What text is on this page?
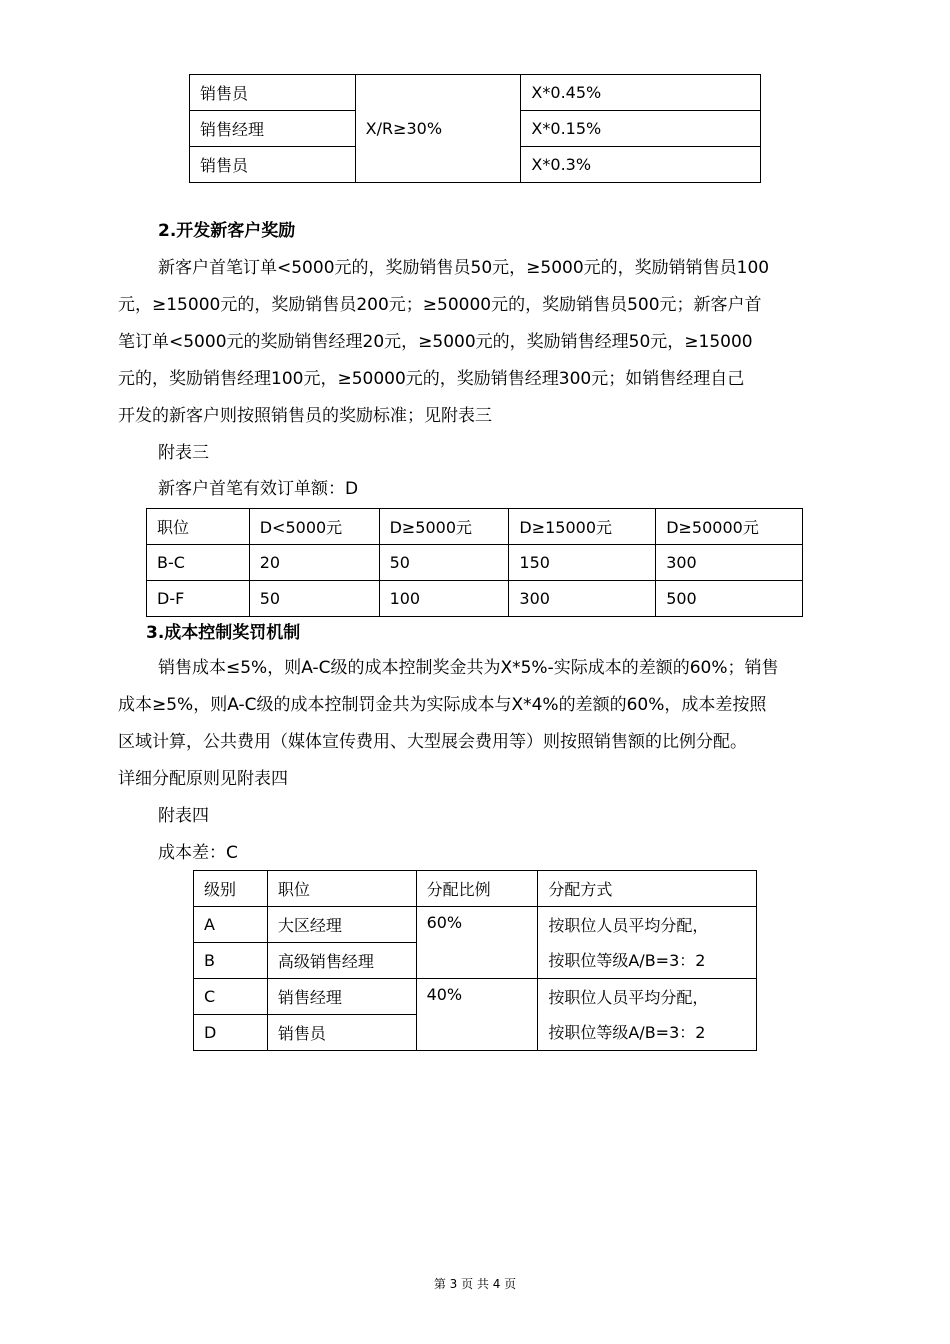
销售员		X*0.45%
销售经理	X/R≥30%	X*0.15%
销售员		X*0.3%
2.开发新客户奖励
新客户首笔订单<5000元的，奖励销售员50元，≥5000元的，奖励销销售员100
元，≥15000元的，奖励销售员200元；≥50000元的，奖励销售员500元；新客户首
笔订单<5000元的奖励销售经理20元，≥5000元的，奖励销售经理50元，≥15000
元的，奖励销售经理100元，≥50000元的，奖励销售经理300元；如销售经理自己
开发的新客户则按照销售员的奖励标准；见附表三
附表三
新客户首笔有效订单额：D
职位	D<5000元	D≥5000元	D≥15000元	D≥50000元
B-C	20	50	150	300
D-F	50	100	300	500
3.成本控制奖罚机制
销售成本≤5%，则A-C级的成本控制奖金共为X*5%-实际成本的差额的60%；销售
成本≥5%，则A-C级的成本控制罚金共为实际成本与X*4%的差额的60%，成本差按照
区域计算，公共费用（媒体宣传费用、大型展会费用等）则按照销售额的比例分配。
详细分配原则见附表四
附表四
成本差：C
级别	职位	分配比例	分配方式
A	大区经理	60%	按职位人员平均分配，
按职位等级A/B=3：2

B	高级销售经理		
C	销售经理	40%	按职位人员平均分配，
按职位等级A/B=3：2

D	销售员		
第 3 页 共 4 页
